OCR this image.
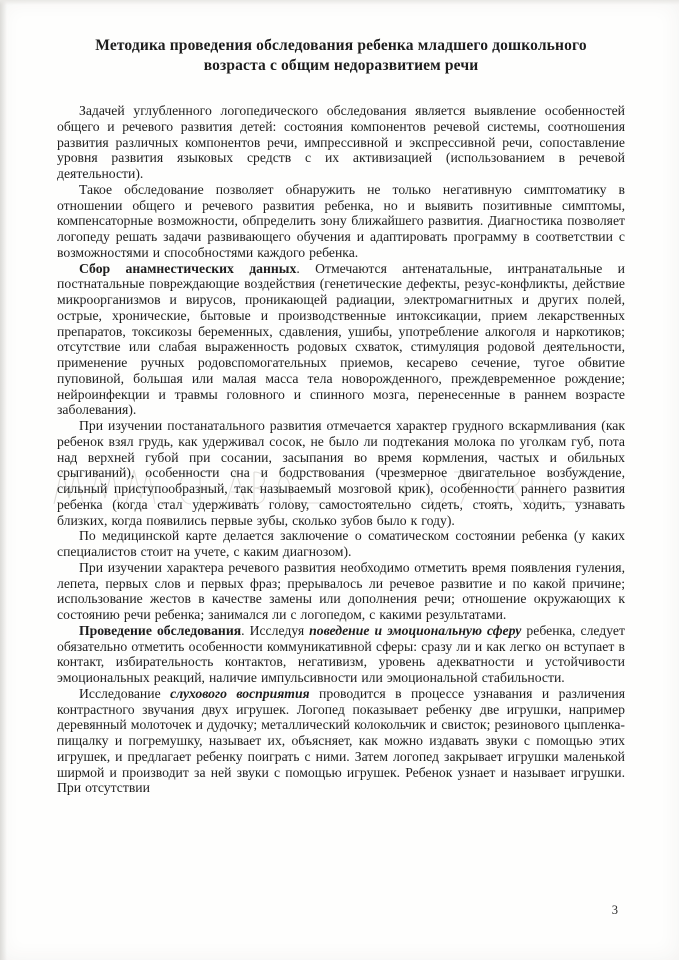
Методика проведения обследования ребенка младшего дошкольного возраста с общим недоразвитием речи

Задачей углубленного логопедического обследования является выявление особенностей общего и речевого развития детей: состояния компонентов речевой системы, соотношения развития различных компонентов речи, импрессивной и экспрессивной речи, сопоставление уровня развития языковых средств с их активизацией (использованием в речевой деятельности).

Такое обследование позволяет обнаружить не только негативную симптоматику в отношении общего и речевого развития ребенка, но и выявить позитивные симптомы, компенсаторные возможности, обпределить зону ближайшего развития. Диагностика позволяет логопеду решать задачи развивающего обучения и адаптировать программу в соответствии с возможностями и способностями каждого ребенка.

Сбор анамнестических данных. Отмечаются антенатальные, интранатальные и постнатальные повреждающие воздействия (генетические дефекты, резус-конфликты, действие микроорганизмов и вирусов, проникающей радиации, электромагнитных и других полей, острые, хронические, бытовые и производственные интоксикации, прием лекарственных препаратов, токсикозы беременных, сдавления, ушибы, употребление алкоголя и наркотиков; отсутствие или слабая выраженность родовых схваток, стимуляция родовой деятельности, применение ручных родовспомогательных приемов, кесарево сечение, тугое обвитие пуповиной, большая или малая масса тела новорожденного, преждевременное рождение; нейроинфекции и травмы головного и спинного мозга, перенесенные в раннем возрасте заболевания).

При изучении постанатального развития отмечается характер грудного вскармливания (как ребенок взял грудь, как удерживал сосок, не было ли подтекания молока по уголкам губ, пота над верхней губой при сосании, засыпания во время кормления, частых и обильных срыгиваний), особенности сна и бодрствования (чрезмерное двигательное возбуждение, сильный приступообразный, так называемый мозговой крик), особенности раннего развития ребенка (когда стал удерживать голову, самостоятельно сидеть, стоять, ходить, узнавать близких, когда появились первые зубы, сколько зубов было к году).

По медицинской карте делается заключение о соматическом состоянии ребенка (у каких специалистов стоит на учете, с каким диагнозом).

При изучении характера речевого развития необходимо отметить время появления гуления, лепета, первых слов и первых фраз; прерывалось ли речевое развитие и по какой причине; использование жестов в качестве замены или дополнения речи; отношение окружающих к состоянию речи ребенка; занимался ли с логопедом, с какими результатами.

Проведение обследования. Исследуя поведение и эмоциональную сферу ребенка, следует обязательно отметить особенности коммуникативной сферы: сразу ли и как легко он вступает в контакт, избирательность контактов, негативизм, уровень адекватности и устойчивости эмоциональных реакций, наличие импульсивности или эмоциональной стабильности.

Исследование слухового восприятия проводится в процессе узнавания и различения контрастного звучания двух игрушек. Логопед показывает ребенку две игрушки, например деревянный молоточек и дудочку; металлический колокольчик и свисток; резинового цыпленка-пищалку и погремушку, называет их, объясняет, как можно издавать звуки с помощью этих игрушек, и предлагает ребенку поиграть с ними. Затем логопед закрывает игрушки маленькой ширмой и производит за ней звуки с помощью игрушек. Ребенок узнает и называет игрушки. При отсутствии

3
